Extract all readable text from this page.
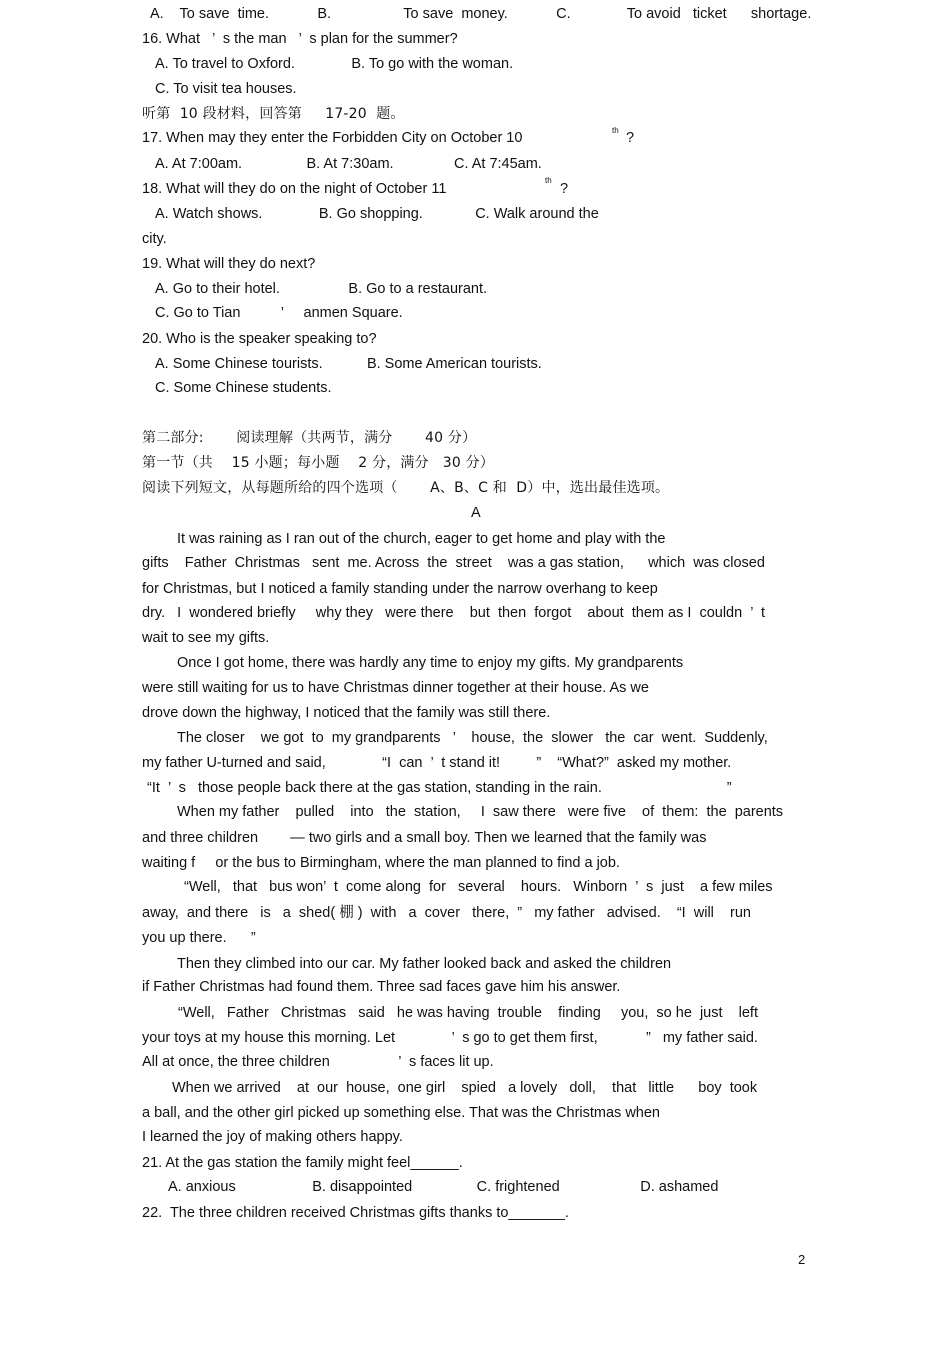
A.    To save  time.            B.                  To save  money.            C.              To avoid   ticket      shortage.
16. What   ’  s the man   ’  s plan for the summer?
A. To travel to Oxford.              B. To go with the woman.
C. To visit tea houses.
听第  10 段材料，回答第     17-20  题。
17. When may they enter the Forbidden City on October 10	th ?
A. At 7:00am.                B. At 7:30am.               C. At 7:45am.
18. What will they do on the night of October 11
th
?
A. Watch shows.              B. Go shopping.             C. Walk around the
city.
19. What will they do next?
A. Go to their hotel.                 B. Go to a restaurant.
C. Go to Tian          ’     anmen Square.
20. Who is the speaker speaking to?
A. Some Chinese tourists.           B. Some American tourists.
C. Some Chinese students.
第二部分:       阅读理解（共两节，满分       40 分）
第一节（共    15 小题；每小题    2 分，满分   30 分）
阅读下列短文，从每题所给的四个选项（       A、B、C 和  D）中，选出最佳选项。
A
It was raining as I ran out of the church, eager to get home and play with the
gifts    Father  Christmas   sent  me. Across  the  street    was a gas station,      which  was closed
for Christmas, but I noticed a family standing under the narrow overhang to keep
dry.   I  wondered briefly     why they   were there    but  then  forgot    about  them as I  couldn  ’  t
wait to see my gifts.
Once I got home, there was hardly any time to enjoy my gifts. My grandparents
were still waiting for us to have Christmas dinner together at their house. As we
drove down the highway, I noticed that the family was still there.
The closer    we got  to  my grandparents   ’    house,  the  slower   the  car  went.  Suddenly,
my father U-turned and said,              “I  can  ’  t stand it!         ”    “What?”  asked my mother.
“It  ’  s   those people back there at the gas station, standing in the rain.                               ”
When my father    pulled    into   the  station,     I  saw there   were five    of  them:  the  parents
and three children        — two girls and a small boy. Then we learned that the family was
waiting f     or the bus to Birmingham, where the man planned to find a job.
“Well,   that   bus won’  t  come along  for   several    hours.   Winborn  ’  s  just    a few miles
away,  and there   is   a  shed( 棚 )  with   a  cover   there,  ”   my father   advised.    “I  will    run
you up there.      ”
Then they climbed into our car. My father looked back and asked the children
if Father Christmas had found them. Three sad faces gave him his answer.
“Well,   Father   Christmas   said   he was having  trouble    finding     you,  so he  just    left
your toys at my house this morning. Let              ’  s go to get them first,            ”   my father said.
All at once, the three children                 ’  s faces lit up.
When we arrived    at  our  house,  one girl    spied   a lovely   doll,    that   little      boy  took
a ball, and the other girl picked up something else. That was the Christmas when
I learned the joy of making others happy.
21. At the gas station the family might feel______.
A. anxious                   B. disappointed                C. frightened                    D. ashamed
22.  The three children received Christmas gifts thanks to_______.
2
